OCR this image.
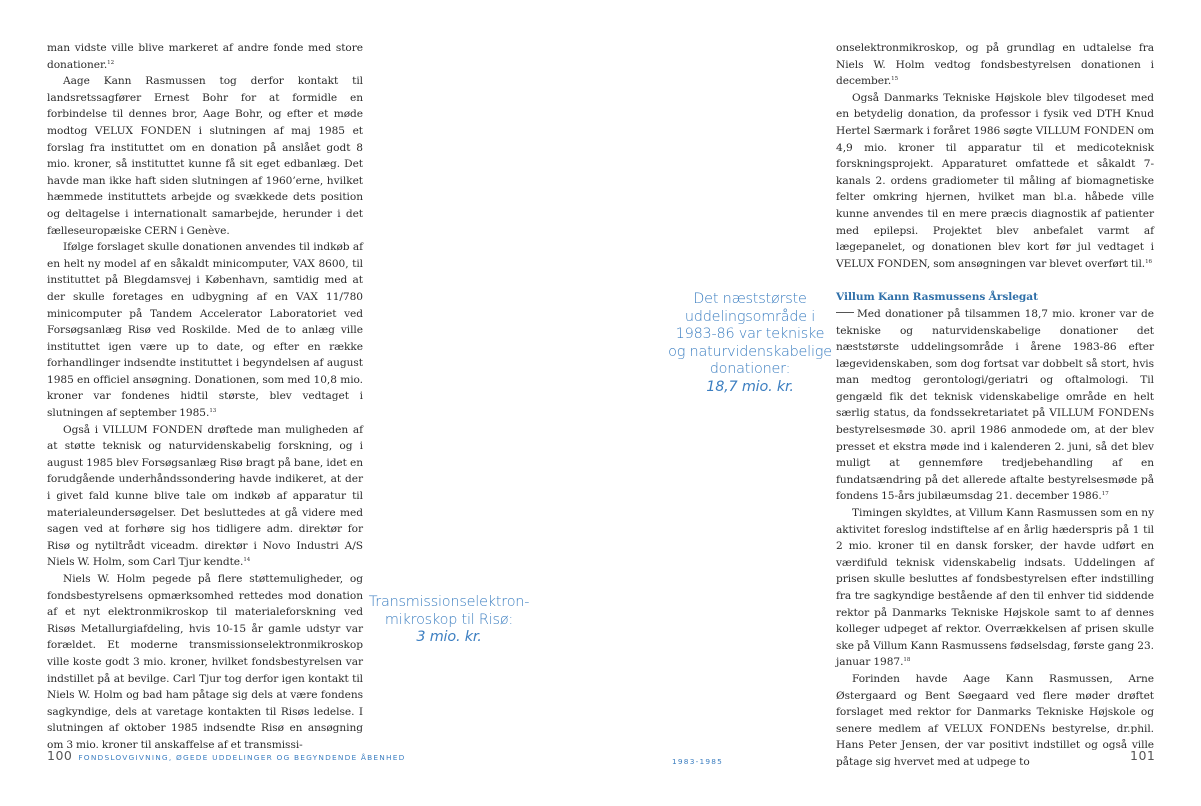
man vidste ville blive markeret af andre fonde med store donationer.$^{12}$

Aage Kann Rasmussen tog derfor kontakt til landsretssagfører Ernest Bohr for at formidle en forbindelse til dennes bror, Aage Bohr, og efter et møde modtog VELUX FONDEN i slutningen af maj 1985 et forslag fra instituttet om en donation på anslået godt 8 mio. kroner, så instituttet kunne få sit eget edbanlæg. Det havde man ikke haft siden slutningen af 1960’erne, hvilket hæmmede instituttets arbejde og svækkede dets position og deltagelse i internationalt samarbejde, herunder i det fælleseuropæiske CERN i Genève.

Ifølge forslaget skulle donationen anvendes til indkøb af en helt ny model af en såkaldt minicomputer, VAX 8600, til instituttet på Blegdamsvej i København, samtidig med at der skulle foretages en udbygning af en VAX 11/780 minicomputer på Tandem Accelerator Laboratoriet ved Forsøgsanlæg Risø ved Roskilde. Med de to anlæg ville instituttet igen være up to date, og efter en række forhandlinger indsendte instituttet i begyndelsen af august 1985 en officiel ansøgning. Donationen, som med 10,8 mio. kroner var fondenes hidtil største, blev vedtaget i slutningen af september 1985.13

Også i VILLUM FONDEN drøftede man muligheden af at støtte teknisk og naturvidenskabelig forskning, og i august 1985 blev Forsøgsanlæg Risø bragt på bane, idet en forudgående underhåndssondering havde indikeret, at der i givet fald kunne blive tale om indkøb af apparatur til materialeundersøgelser. Det besluttedes at gå videre med sagen ved at forhøre sig hos tidligere adm. direktør for Risø og nytiltrådt viceadm. direktør i Novo Industri A/S Niels W. Holm, som Carl Tjur kendte.$^{14}$

Niels W. Holm pegede på flere støttemuligheder, og fondsbestyrelsens opmærksomhed rettedes mod donation af et nyt elektronmikroskop til materialeforskning ved Risøs Metallurgiafdeling, hvis 10-15 år gamle udstyr var forældet. Et moderne transmissionselektronmikroskop ville koste godt 3 mio. kroner, hvilket fondsbestyrelsen var indstillet på at bevilge. Carl Tjur tog derfor igen kontakt til Niels W. Holm og bad ham påtage sig dels at være fondens sagkyndige, dels at varetage kontakten til Risøs ledelse. I slutningen af oktober 1985 indsendte Risø en ansøgning om 3 mio. kroner til anskaffelse af et transmissi-

Det næststørste
uddelingsområde i
1983-86 var tekniske
og naturvidenskabelige
donationer:
18,7 mio. kr.
Transmissionselektron-
mikroskop til Risø:
3 mio. kr.

onselektronmikroskop, og på grundlag en udtalelse fra Niels W. Holm vedtog fondsbestyrelsen donationen i december.$^{15}$

Også Danmarks Tekniske Højskole blev tilgodeset med en betydelig donation, da professor i fysik ved DTH Knud Hertel Særmark i foråret 1986 søgte VILLUM FONDEN om 4,9 mio. kroner til apparatur til et medicoteknisk forskningsprojekt. Apparaturet omfattede et såkaldt 7-kanals 2. ordens gradiometer til måling af biomagnetiske felter omkring hjernen, hvilket man bl.a. håbede ville kunne anvendes til en mere præcis diagnostik af patienter med epilepsi. Projektet blev anbefalet varmt af lægepanelet, og donationen blev kort før jul vedtaget i VELUX FONDEN, som ansøgningen var blevet overført til.$^{16}$

Villum Kann Rasmussens Årslegat

Med donationer på tilsammen 18,7 mio. kroner var de tekniske og naturvidenskabelige donationer det næststørste uddelingsområde i årene 1983-86 efter lægevidenskaben, som dog fortsat var dobbelt så stort, hvis man medtog gerontologi/geriatri og oftalmologi. Til gengæld fik det teknisk videnskabelige område en helt særlig status, da fondssekretariatet på VILLUM FONDENs bestyrelsesmøde 30. april 1986 anmodede om, at der blev presset et ekstra møde ind i kalenderen 2. juni, så det blev muligt at gennemføre tredjebehandling af en fundatsændring på det allerede aftalte bestyrelsesmøde på fondens 15-års jubilæumsdag 21. december 1986.17

Timingen skyldtes, at Villum Kann Rasmussen som en ny aktivitet foreslog indstiftelse af en årlig hæderspris på 1 til 2 mio. kroner til en dansk forsker, der havde udført en værdifuld teknisk videnskabelig indsats. Uddelingen af prisen skulle besluttes af fondsbestyrelsen efter indstilling fra tre sagkyndige bestående af den til enhver tid siddende rektor på Danmarks Tekniske Højskole samt to af dennes kolleger udpeget af rektor. Overrækkelsen af prisen skulle ske på Villum Kann Rasmussens fødselsdag, første gang 23. januar 1987.18

Forinden havde Aage Kann Rasmussen, Arne Østergaard og Bent Søegaard ved flere møder drøftet forslaget med rektor for Danmarks Tekniske Højskole og senere medlem af VELUX FONDENs bestyrelse, dr.phil. Hans Peter Jensen, der var positivt indstillet og også ville påtage sig hvervet med at udpege to

100 FONDSLOVGIVNING, ØGEDE UDDELINGER OG BEGYNDENDE ÅBENHED	1983-1985	101
